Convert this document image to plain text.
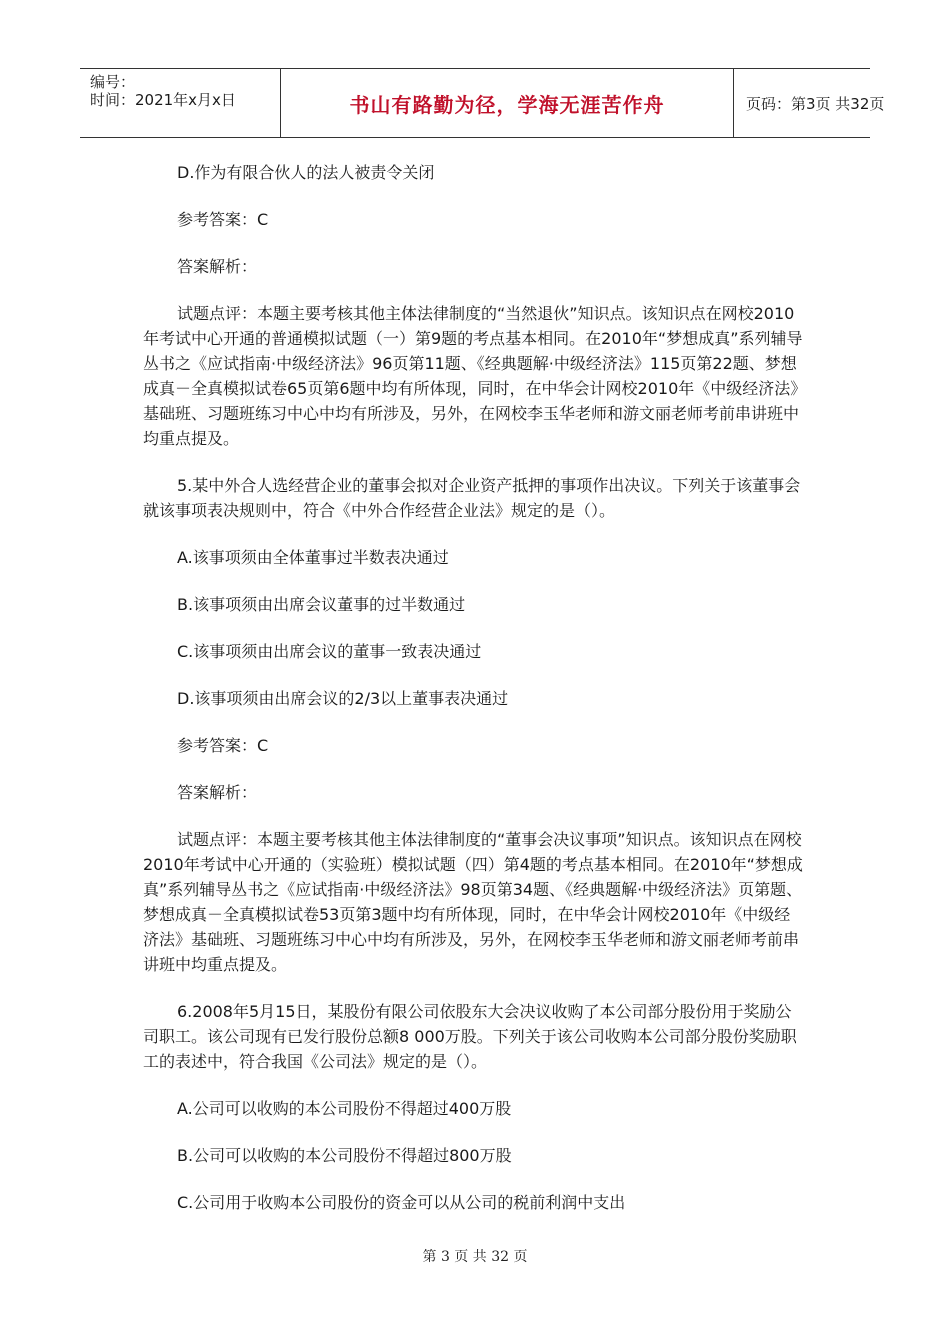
编号：
时间：2021年x月x日	书山有路勤为径，学海无涯苦作舟	页码：第3页 共32页

D.作为有限合伙人的法人被责令关闭

参考答案：C

答案解析：

试题点评：本题主要考核其他主体法律制度的“当然退伙”知识点。该知识点在网校2010年考试中心开通的普通模拟试题（一）第9题的考点基本相同。在2010年“梦想成真”系列辅导丛书之《应试指南·中级经济法》96页第11题、《经典题解·中级经济法》115页第22题、梦想成真－全真模拟试卷65页第6题中均有所体现，同时，在中华会计网校2010年《中级经济法》基础班、习题班练习中心中均有所涉及，另外，在网校李玉华老师和游文丽老师考前串讲班中均重点提及。

5.某中外合人选经营企业的董事会拟对企业资产抵押的事项作出决议。下列关于该董事会就该事项表决规则中，符合《中外合作经营企业法》规定的是（）。

A.该事项须由全体董事过半数表决通过

B.该事项须由出席会议董事的过半数通过

C.该事项须由出席会议的董事一致表决通过

D.该事项须由出席会议的2/3以上董事表决通过

参考答案：C

答案解析：

试题点评：本题主要考核其他主体法律制度的“董事会决议事项”知识点。该知识点在网校2010年考试中心开通的（实验班）模拟试题（四）第4题的考点基本相同。在2010年“梦想成真”系列辅导丛书之《应试指南·中级经济法》98页第34题、《经典题解·中级经济法》页第题、梦想成真－全真模拟试卷53页第3题中均有所体现，同时，在中华会计网校2010年《中级经济法》基础班、习题班练习中心中均有所涉及，另外，在网校李玉华老师和游文丽老师考前串讲班中均重点提及。

6.2008年5月15日，某股份有限公司依股东大会决议收购了本公司部分股份用于奖励公司职工。该公司现有已发行股份总额8 000万股。下列关于该公司收购本公司部分股份奖励职工的表述中，符合我国《公司法》规定的是（）。

A.公司可以收购的本公司股份不得超过400万股

B.公司可以收购的本公司股份不得超过800万股

C.公司用于收购本公司股份的资金可以从公司的税前利润中支出

第 3 页 共 32 页
